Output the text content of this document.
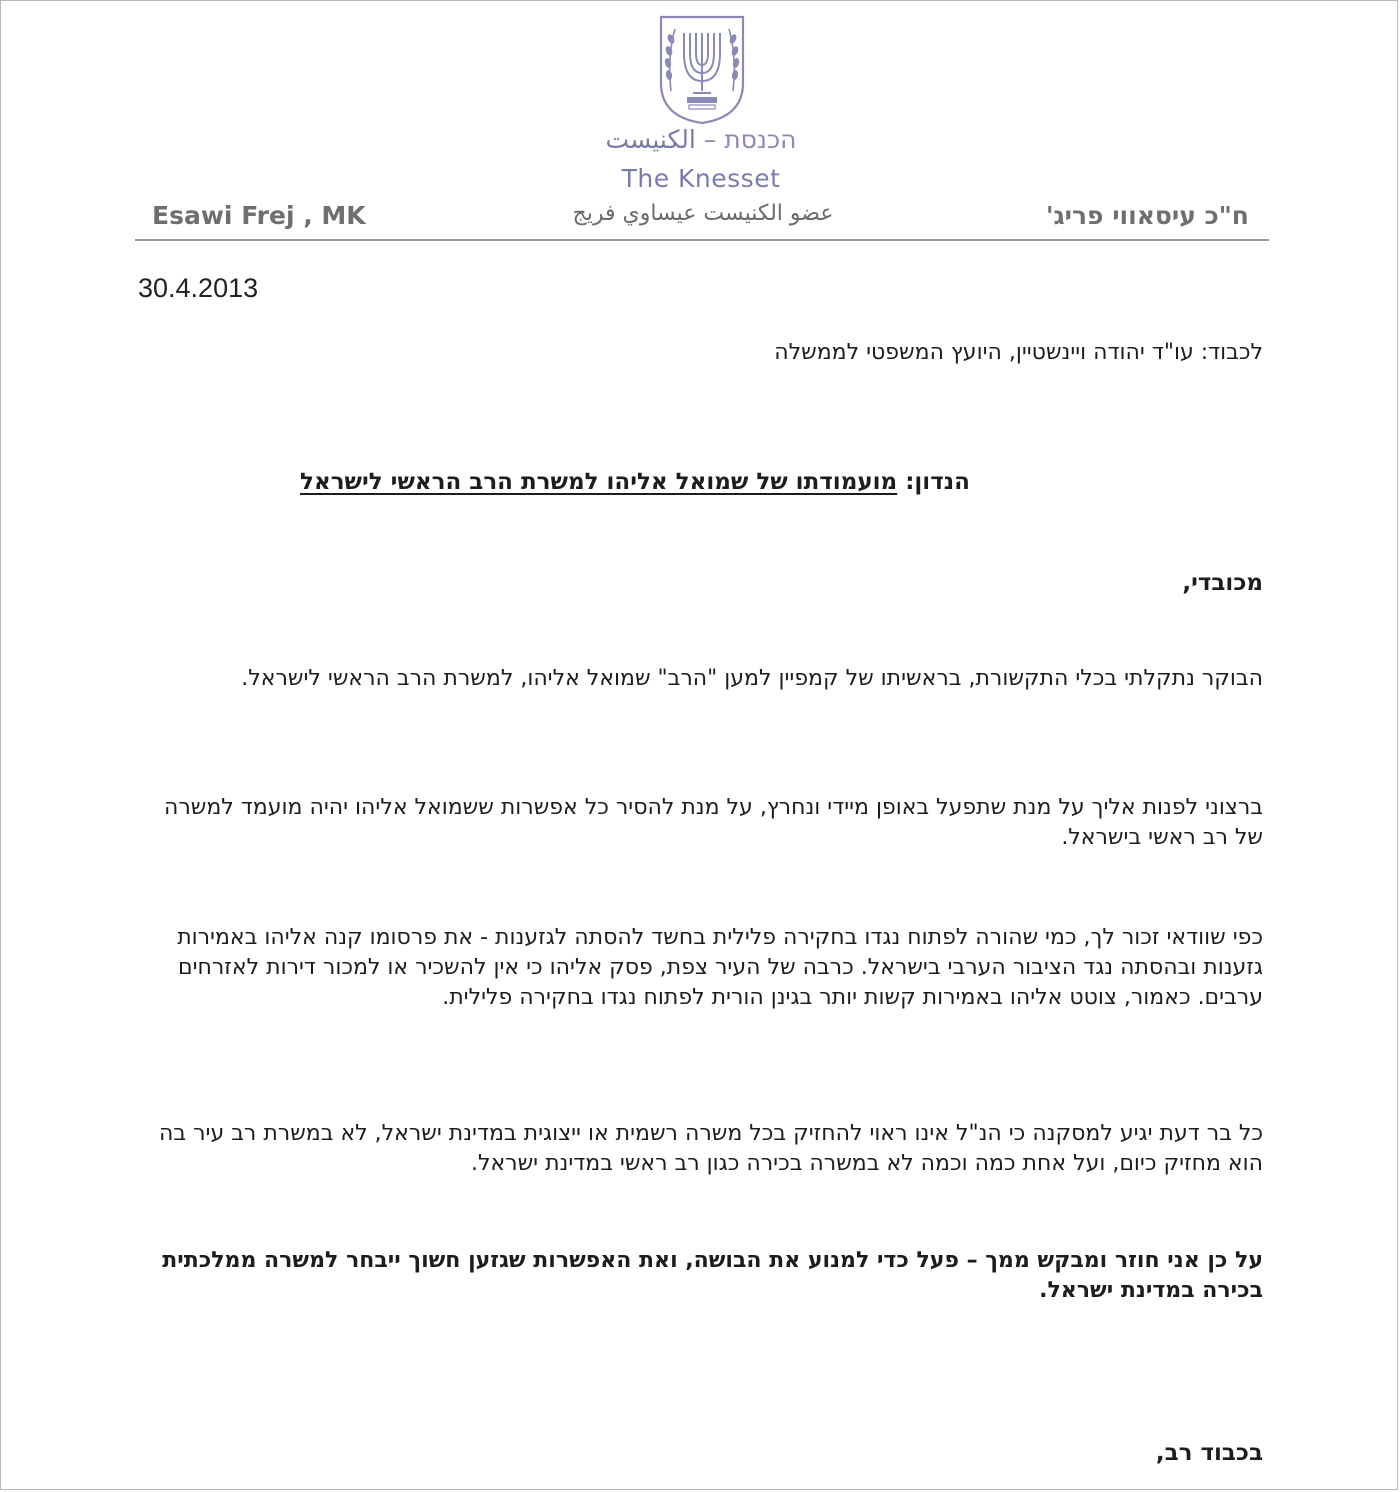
הכנסת – الكنيست
The Knesset
Esawi Frej , MK	عضو الكنيست عيساوي فريج	ח"כ עיסאווי פריג'
30.4.2013
לכבוד: עו"ד יהודה ויינשטיין, היועץ המשפטי לממשלה
הנדון: מועמודתו של שמואל אליהו למשרת הרב הראשי לישראל
מכובדי,
הבוקר נתקלתי בכלי התקשורת, בראשיתו של קמפיין למען "הרב" שמואל אליהו, למשרת הרב הראשי לישראל.
ברצוני לפנות אליך על מנת שתפעל באופן מיידי ונחרץ, על מנת להסיר כל אפשרות ששמואל אליהו יהיה מועמד למשרה של רב ראשי בישראל.
כפי שוודאי זכור לך, כמי שהורה לפתוח נגדו בחקירה פלילית בחשד להסתה לגזענות - את פרסומו קנה אליהו באמירות גזענות ובהסתה נגד הציבור הערבי בישראל. כרבה של העיר צפת, פסק אליהו כי אין להשכיר או למכור דירות לאזרחים ערבים. כאמור, צוטט אליהו באמירות קשות יותר בגינן הורית לפתוח נגדו בחקירה פלילית.
כל בר דעת יגיע למסקנה כי הנ"ל אינו ראוי להחזיק בכל משרה רשמית או ייצוגית במדינת ישראל, לא במשרת רב עיר בה הוא מחזיק כיום, ועל אחת כמה וכמה לא במשרה בכירה כגון רב ראשי במדינת ישראל.
על כן אני חוזר ומבקש ממך – פעל כדי למנוע את הבושה, ואת האפשרות שגזען חשוך ייבחר למשרה ממלכתית בכירה במדינת ישראל.
בכבוד רב,
